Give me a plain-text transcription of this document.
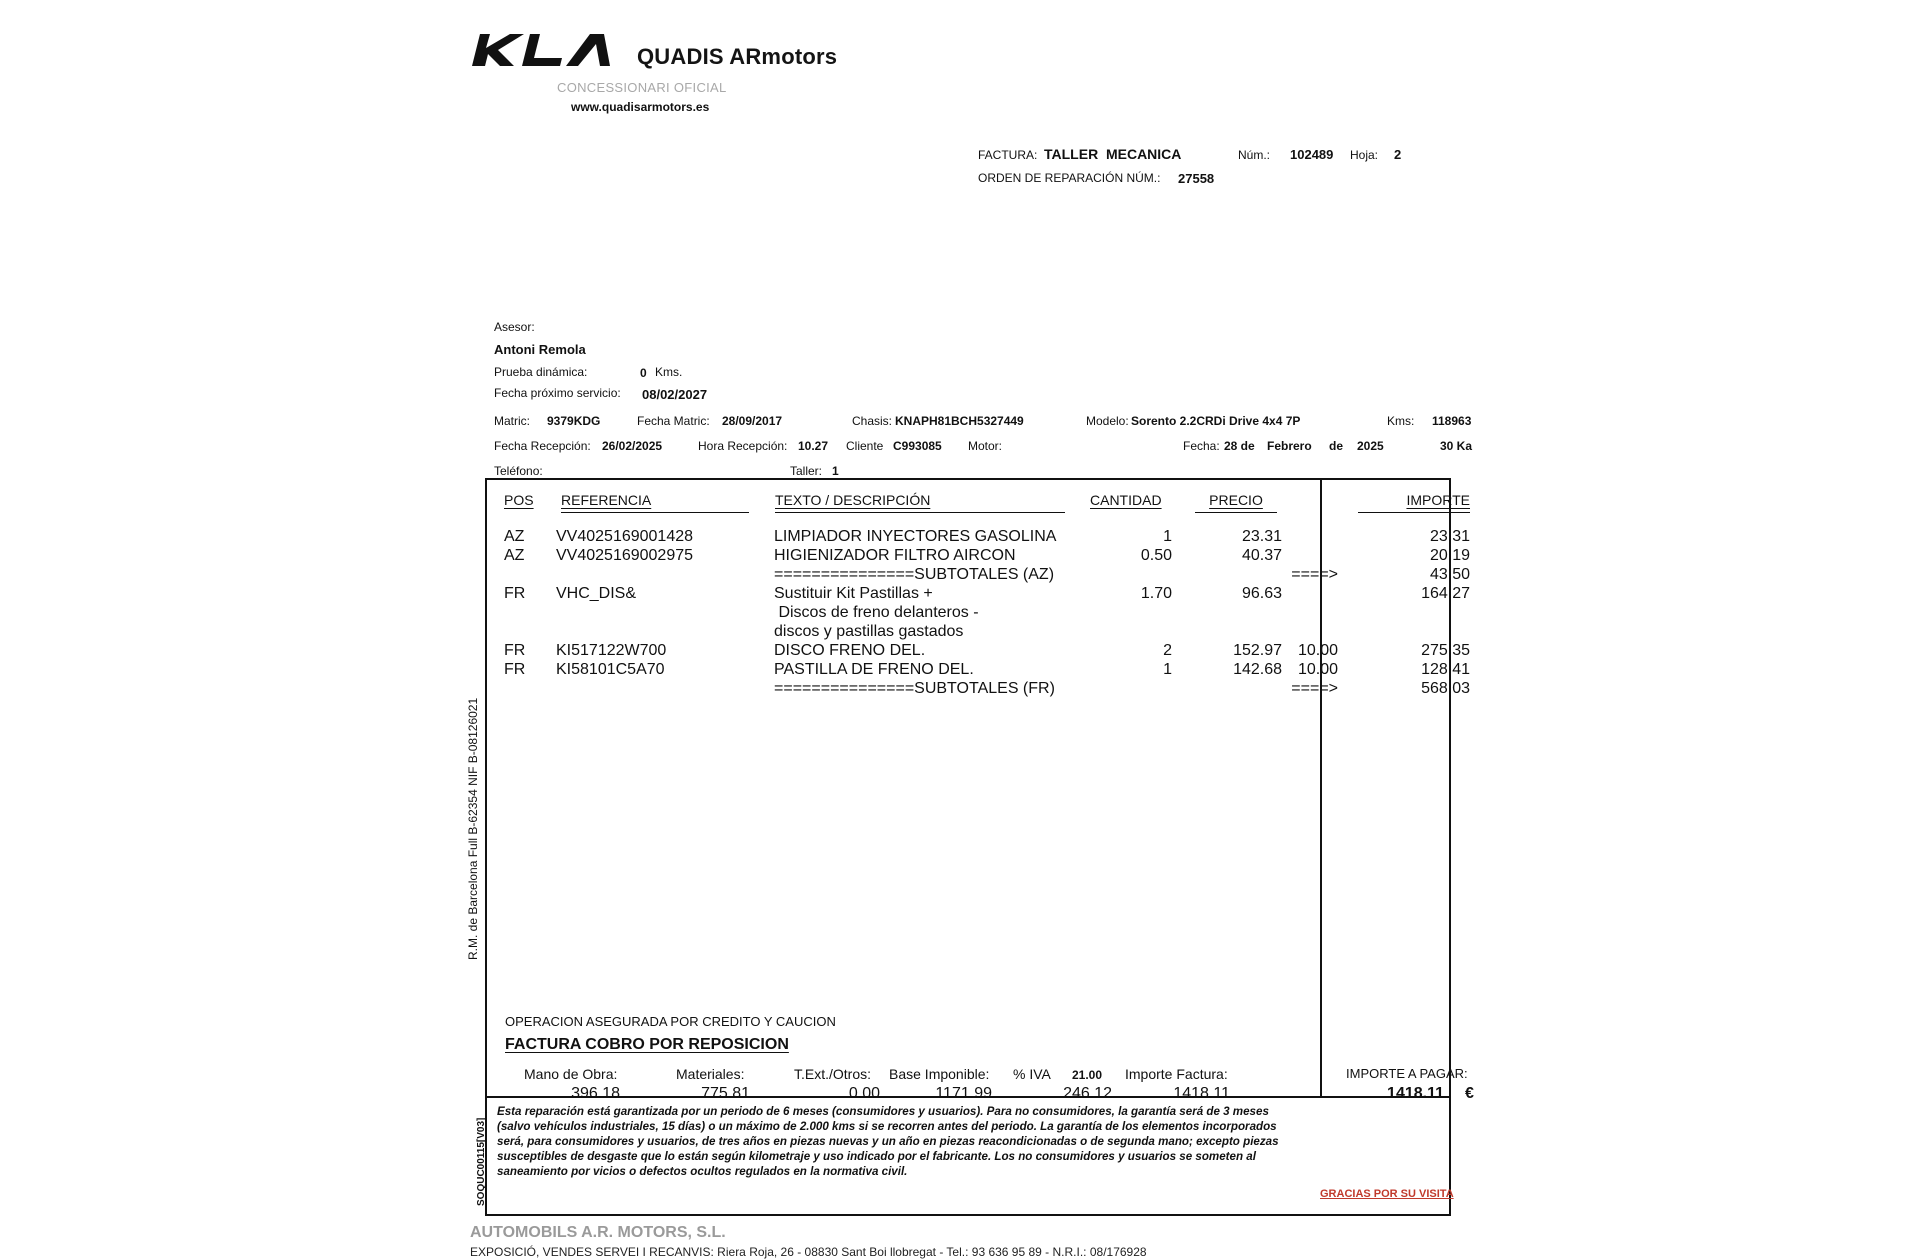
QUADIS ARmotors
CONCESSIONARI OFICIAL
www.quadisarmotors.es
FACTURA: TALLER  MECANICA	Núm.: 102489 Hoja: 2
ORDEN DE REPARACIÓN NÚM.: 27558
Asesor:
Antoni Remola
Prueba dinámica:	0 Kms.
Fecha próximo servicio: 08/02/2027
Matric: 9379KDG	Fecha Matric: 28/09/2017	Chasis: KNAPH81BCH5327449	Modelo: Sorento 2.2CRDi Drive 4x4 7P	Kms: 118963
Fecha Recepción: 26/02/2025	Hora Recepción: 10.27 Cliente C993085 Motor:	Fecha: 28 de Febrero de 2025	30 Ka
Teléfono:	Taller: 1
POS REFERENCIA	TEXTO / DESCRIPCIÓN	CANTIDAD	PRECIO	IMPORTE
AZ	VV4025169001428	LIMPIADOR INYECTORES GASOLINA	1	23.31	23.31
AZ	VV4025169002975	HIGIENIZADOR FILTRO AIRCON	0.50	40.37	20.19
===============SUBTOTALES (AZ)	====>	43.50
FR	VHC_DIS&	Sustituir Kit Pastillas +	1.70	96.63	164.27
Discos de freno delanteros -
discos y pastillas gastados
FR	KI517122W700	DISCO FRENO DEL.	2	152.97 10.00	275.35
FR	KI58101C5A70	PASTILLA DE FRENO DEL.	1	142.68 10.00	128.41
===============SUBTOTALES (FR)	====>	568.03
OPERACION ASEGURADA POR CREDITO Y CAUCION
FACTURA COBRO POR REPOSICION
Mano de Obra:
396.18
Materiales:
775.81
T.Ext./Otros:
0.00
Base Imponible:
1171.99
% IVA 21.00
246.12
Importe Factura:
1418.11
IMPORTE A PAGAR:
1418.11 €
Esta reparación está garantizada por un periodo de 6 meses (consumidores y usuarios). Para no consumidores, la garantía será de 3 meses (salvo vehículos industriales, 15 días) o un máximo de 2.000 kms si se recorren antes del periodo. La garantía de los elementos incorporados será, para consumidores y usuarios, de tres años en piezas nuevas y un año en piezas reacondicionadas o de segunda mano; excepto piezas susceptibles de desgaste que lo están según kilometraje y uso indicado por el fabricante. Los no consumidores y usuarios se someten al saneamiento por vicios o defectos ocultos regulados en la normativa civil.
GRACIAS POR SU VISITA
R.M. de Barcelona Full B-62354 NIF B-08126021
SOQUC00115[V03]
AUTOMOBILS A.R. MOTORS, S.L.
EXPOSICIÓ, VENDES SERVEI I RECANVIS: Riera Roja, 26 - 08830 Sant Boi llobregat - Tel.: 93 636 95 89 - N.R.I.: 08/176928
